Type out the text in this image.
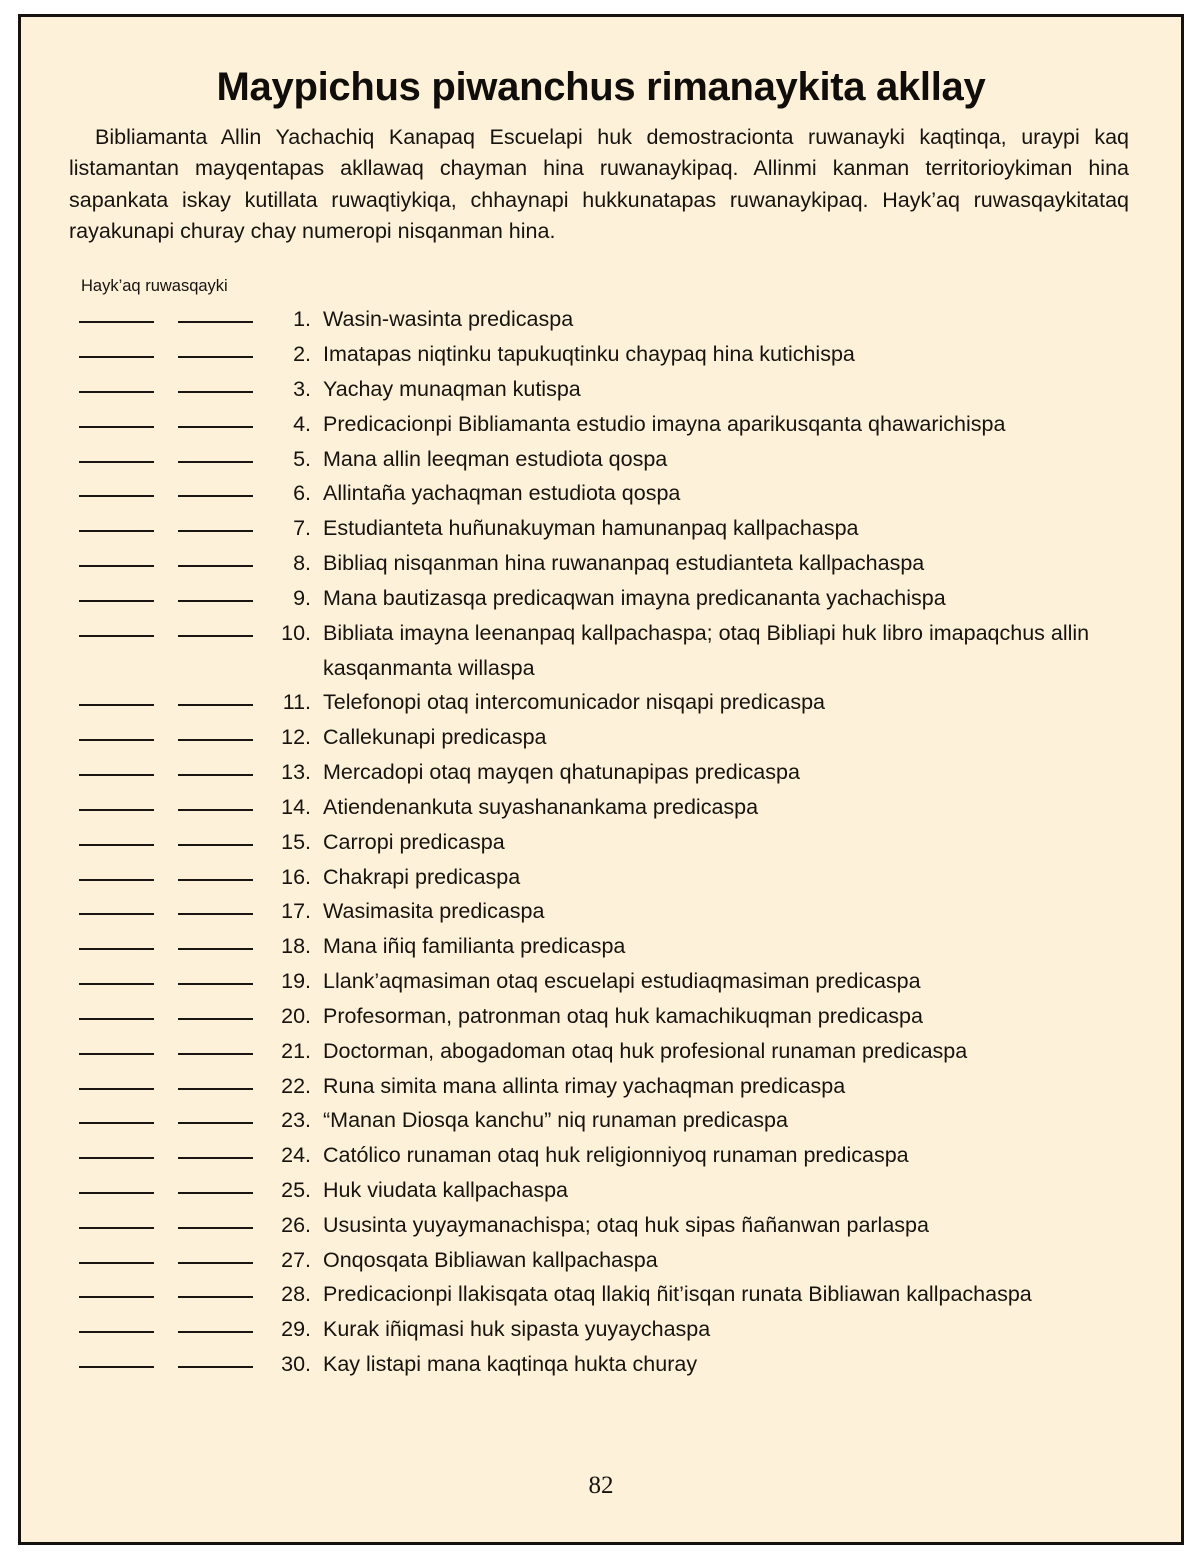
Maypichus piwanchus rimanaykita akllay

Bibliamanta Allin Yachachiq Kanapaq Escuelapi huk demostracionta ruwanayki kaqtinqa, uraypi kaq listamantan mayqentapas akllawaq chayman hina ruwanaykipaq. Allinmi kanman territorioykiman hina sapankata iskay kutillata ruwaqtiykiqa, chhaynapi hukkunatapas ruwanaykipaq. Hayk’aq ruwasqaykitataq rayakunapi churay chay numeropi nisqanman hina.

Hayk’aq ruwasqayki
1. Wasin-wasinta predicaspa
2. Imatapas niqtinku tapukuqtinku chaypaq hina kutichispa
3. Yachay munaqman kutispa
4. Predicacionpi Bibliamanta estudio imayna aparikusqanta qhawarichispa
5. Mana allin leeqman estudiota qospa
6. Allintaña yachaqman estudiota qospa
7. Estudianteta huñunakuyman hamunanpaq kallpachaspa
8. Bibliaq nisqanman hina ruwananpaq estudianteta kallpachaspa
9. Mana bautizasqa predicaqwan imayna predicananta yachachispa
10. Bibliata imayna leenanpaq kallpachaspa; otaq Bibliapi huk libro imapaqchus allin kasqanmanta willaspa
11. Telefonopi otaq intercomunicador nisqapi predicaspa
12. Callekunapi predicaspa
13. Mercadopi otaq mayqen qhatunapipas predicaspa
14. Atiendenankuta suyashanankama predicaspa
15. Carropi predicaspa
16. Chakrapi predicaspa
17. Wasimasita predicaspa
18. Mana iñiq familianta predicaspa
19. Llank’aqmasiman otaq escuelapi estudiaqmasiman predicaspa
20. Profesorman, patronman otaq huk kamachikuqman predicaspa
21. Doctorman, abogadoman otaq huk profesional runaman predicaspa
22. Runa simita mana allinta rimay yachaqman predicaspa
23. “Manan Diosqa kanchu” niq runaman predicaspa
24. Católico runaman otaq huk religionniyoq runaman predicaspa
25. Huk viudata kallpachaspa
26. Ususinta yuyaymanachispa; otaq huk sipas ñañanwan parlaspa
27. Onqosqata Bibliawan kallpachaspa
28. Predicacionpi llakisqata otaq llakiq ñit’isqan runata Bibliawan kallpachaspa
29. Kurak iñiqmasi huk sipasta yuyaychaspa
30. Kay listapi mana kaqtinqa hukta churay
82
